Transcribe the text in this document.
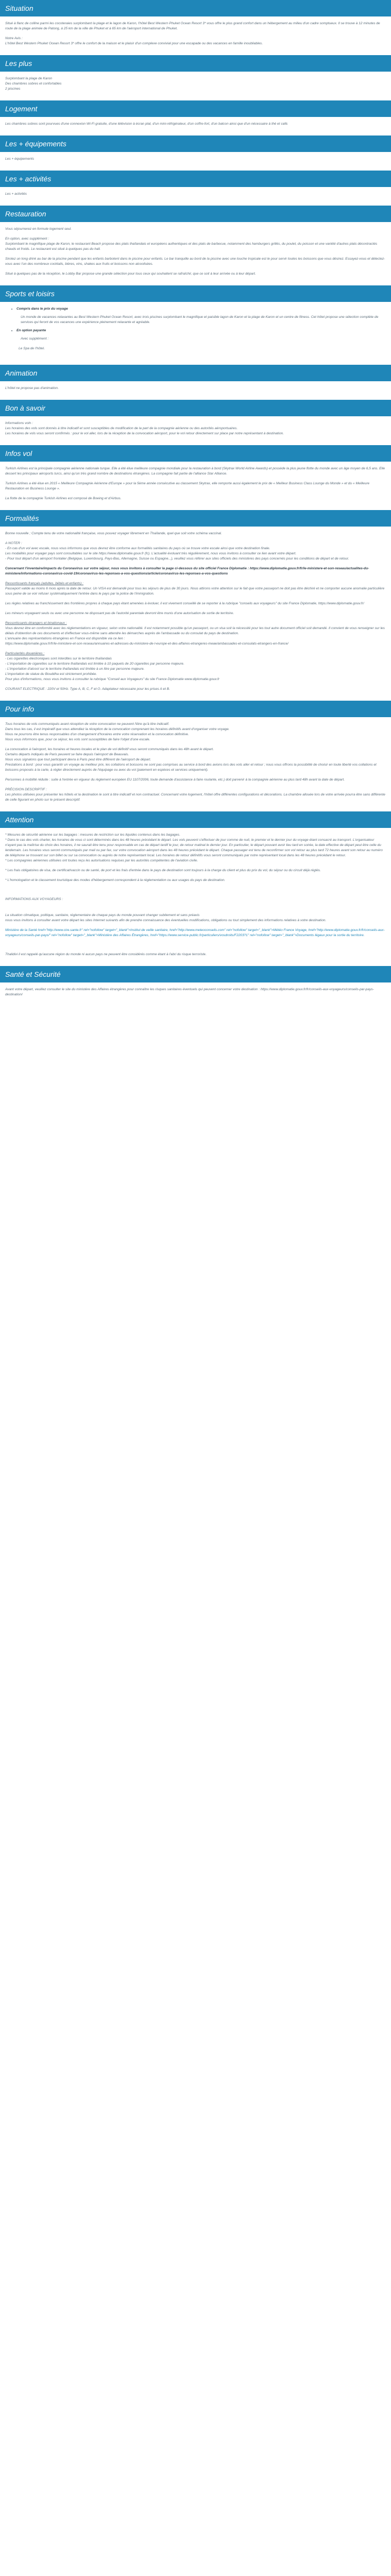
Situation

Situé à flanc de colline parmi les cocoteraies surplombant la plage et le lagon de Karon, l'hôtel Best Western Phuket Ocean Resort 3* vous offre le plus grand confort dans un hébergement au milieu d'un cadre somptueux. Il se trouve à 12 minutes de route de la plage animée de Patong, à 25 km de la ville de Phuket et à 65 km de l'aéroport international de Phuket.

Notre Avis :
L'hôtel Best Western Phuket Ocean Resort 3* offre le confort de la maison et le plaisir d'un complexe convivial pour une escapade ou des vacances en famille inoubliables.

Les plus

Surplombant la plage de Karon
Des chambres sobres et confortables
2 piscines

Logement

Les chambres sobres sont pourvues d'une connexion Wi-Fi gratuite, d'une télévision à écran plat, d'un mini-réfrigérateur, d'un coffre-fort, d'un balcon ainsi que d'un nécessaire à thé et café.

Les + équipements

Les + équipements

Les + activités

Les + activités

Restauration

Vous séjournerez en formule logement seul.

En option, avec supplément :
Surplombant le magnifique plage de Karon, le restaurant Beach propose des plats thaïlandais et européens authentiques et des plats de barbecue, notamment des hamburgers grillés, du poulet, du poisson et une variété d'autres plats décontractés chauds et froids. Le restaurant est situé à quelques pas du hall.

Sirotez un long drink au bar de la piscine pendant que les enfants barbotent dans le piscine pour enfants. Le bar tranquille au bord de la piscine avec une touche tropicale est le pour servir toutes les boissons que vous désirez. Essayez-vous et délectez-vous avec l'un des nombreux cocktails, bières, vins, shakes aux fruits et boissons non alcoolisées.

Situé à quelques pas de la réception, le Lobby Bar propose une grande sélection pour tous ceux qui souhaitent se rafraîchir, que ce soit à leur arrivée ou à leur départ.

Sports et loisirs
• Compris dans le prix du voyage
Un monde de vacances relaxantes au Best Western Phuket Ocean Resort, avec trois piscines surplombant le magnifique et paisible lagon de Karon et la plage de Karon et un centre de fitness. Cet hôtel propose une sélection complète de services qui feront de vos vacances une expérience pleinement relaxante et agréable.
• En option payante
Avec supplément :
Le Spa de l'hôtel.
Animation

L'hôtel ne propose pas d'animation.

Bon à savoir

Informations voln :
Les horaires des vols sont donnés à titre indicatif et sont susceptibles de modification de la part de la compagnie aérienne ou des autorités aéroportuaires.
Les horaires de vols vous seront confirmés : pour le vol aller, lors de la réception de la convocation aéroport, pour le vol retour directement sur place par notre représentant à destination.

Infos vol

Turkish Airlines est la principale compagnie aérienne nationale turque. Elle a été élue meilleure compagnie mondiale pour la restauration à bord (Skytrax World Airline Awards) et possède la plus jeune flotte du monde avec un âge moyen de 6,5 ans. Elle dessert les principaux aéroports turcs, ainsi qu'un très grand nombre de destinations étrangères. La compagnie fait partie de l'alliance Star Alliance.

Turkish Airlines a été élue en 2015 « Meilleure Compagnie Aérienne d'Europe » pour la 5ème année consécutive au classement Skytrax, elle remporte aussi également le prix de « Meilleur Business Class Lounge du Monde » et du « Meilleure Restauration en Business Lounge ».

La flotte de la compagnie Turkish Airlines est composé de Boeing et d'Airbus.

Formalités

Bonne nouvelle ; Compte tenu de votre nationalité française, vous pouvez voyager librement en Thaïlande, quel que soit votre schéma vaccinal.

A NOTER :
- En cas d'un vol avec escale, nous vous informons que vous devrez être conforme aux formalités sanitaires du pays où se trouve votre escale ainsi que votre destination finale.
Les modalités pour voyager pays sont consultables sur le site https://www.diplomatie.gouv.fr (fc). L'actualité évoluant très régulièrement, nous vous invitons à consulter ce lien avant votre départ.
- Pour tout départ d'un aéroport frontalier (Belgique, Luxembourg, Pays-Bas, Allemagne, Suisse ou Espagne...), veuillez vous référer aux sites officiels des ministères des pays concernés pour les conditions de départ et de retour.

Concernant l'inventaire/impacts du Coronavirus sur votre séjour, nous vous invitons à consulter la page ci-dessous du site officiel France Diplomatie : https://www.diplomatie.gouv.fr/fr/le-ministere-et-son-reseau/actualites-du-ministere/informations-coronavirus-covid-19/coronavirus-les-reponses-a-vos-questions/article/coronavirus-les-reponses-a-vos-questions

Ressortissants français (adultes, bébés et enfants) :
Passeport valide au moins 6 mois après la date de retour. Un VISA est demandé pour tous les séjours de plus de 30 jours. Nous attirons votre attention sur le fait que votre passeport ne doit pas être déchiré et ne comporter aucune anomalie particulière sous peine de se voir refuser systématiquement l'entrée dans le pays par la police de l'immigration.

Les règles relatives au franchissement des frontières propres à chaque pays étant amenées à évoluer, il est vivement conseillé de se reporter à la rubrique "conseils aux voyageurs" du site France Diplomatie, https://www.diplomatie.gouv.fr/

Les mineurs voyageant seuls ou avec une personne ne disposant pas de l'autorité parentale devront être munis d'une autorisation de sortie de territoire.

Ressortissants étrangers et binationaux :
Vous devrez être en conformité avec les réglementations en vigueur, selon votre nationalité. Il est notamment possible qu'un passeport, ou un visa soit la nécessité pour les tout autre document officiel soit demandé. Il convient de vous renseigner sur les délais d'obtention de ces documents et d'effectuer vous-même sans attendre les démarches auprès de l'ambassade ou du consulat du pays de destination.
L'annuaire des représentations étrangères en France est disponible via ce lien :
https://www.diplomatie.gouv.fr/fr/le-ministere-et-son-reseau/annuaires-et-adresses-du-ministere-de-l-europe-et-des-affaires-etrangeres-meae/ambassades-et-consulats-etrangers-en-france/

Particularités douanières :
- Les cigarettes électroniques sont interdites sur le territoire thaïlandais
- L'importation de cigarettes sur le territoire thaïlandais est limitée à 10 paquets de 20 cigarettes par personne majeure.
- L'importation d'alcool sur le territoire thaïlandais est limitée à un litre par personne majeure.
L'importation de statue du Bouddha est strictement prohibée.
Pour plus d'informations, nous vous invitons à consulter la rubrique "Conseil aux Voyageurs" du site France Diplomatie www.diplomatie.gouv.fr

COURANT ELECTRIQUE : 220V et 50Hz. Type A, B, C, F et O. Adaptateur nécessaire pour les prises A et B.

Pour info

Tous horaires de vols communiqués avant réception de votre convocation ne peuvent l'être qu'à titre indicatif.
Dans tous les cas, il est impératif que vous attendiez la réception de la convocation comprenant les horaires définitifs avant d'organiser votre voyage.
Nous ne pourrons être tenus responsables d'un changement d'horaires entre votre réservation et la convocation définitive.
Nous vous informons que, pour ce séjour, les vols sont susceptibles de faire l'objet d'une escale.

La convocation à l'aéroport, les horaires et heures locales et le plan de vol définitif vous seront communiqués dans les 48h avant le départ.
Certains départs indiqués de Paris peuvent se faire depuis l'aéroport de Beauvais.
Nous vous signalons que tout participant devra à Paris peut être différent de l'aéroport de départ.
Prestations à bord : pour vous garantir un voyage au meilleur prix, les collations et boissons ne sont pas comprises au service à bord des avions lors des vols aller et retour ; nous vous offrons la possibilité de choisir en toute liberté vos collations et boissons proposés à la carte, à régler directement auprès de l'équipage ou avec du vol (paiement en espèces et services uniquement).

Personnes à mobilité réduite : suite à l'entrée en vigueur du règlement européen EU 1107/2006, toute demande d'assistance à faire roulante, etc.) doit parvenir à la compagnie aérienne au plus tard 48h avant la date de départ.

PRÉCISION DESCRIPTIF :
Les photos utilisées pour présenter les hôtels et la destination le sont à titre indicatif et non contractuel. Concernant votre logement, l'hôtel offre différentes configurations et décorations. La chambre allouée lors de votre arrivée pourra être sans différente de celle figurant en photo sur le présent descriptif.

Attention

* Mesures de sécurité aérienne sur les bagages : mesures de restriction sur les liquides contenus dans les bagages.
* Dans le cas des vols charter, les horaires de vous ci sont déterminés dans les 48 heures précédant le départ. Les vols peuvent s'effectuer de jour comme de nuit, le premier et le dernier jour du voyage étant consacré au transport. L'organisateur n'ayant pas la maîtrise du choix des horaires, il ne saurait être tenu pour responsable en cas de départ tardif le jour, de retour matinal le dernier jour. En particulier, le départ pouvant avoir lieu tard en soirée, la date effective de départ peut être celle du lendemain. Les horaires vous seront communiqués par mail ou par fax, sur votre convocation aéroport dans les 48 heures précédant le départ. Chaque passager est tenu de reconfirmer son vol retour au plus tard 72 heures avant son retour au numéro de téléphone se trouvant sur son billet ou sur sa convocation ou auprès de notre représentant local. Les horaires de retour définitifs vous seront communiqués par notre représentant local dans les 48 heures précédant le retour.
* Les compagnies aériennes utilisées ont toutes reçu les autorisations requises par les autorités compétentes de l'aviation civile.

* Les frais obligatoires de visa, de certificat/vaccin ou de santé, de port et les frais d'entrée dans le pays de destination sont toujours à la charge du client et plus du prix du vol, du séjour ou du circuit déjà réglés.

* L'homologation et le classement touristique des modes d'hébergement correspondent à la réglementation ou aux usages du pays de destination.

INFORMATIONS AUX VOYAGEURS :

La situation climatique, politique, sanitaire, réglementaire de chaque pays du monde pouvant changer subitement et sans préavis
nous vous invitons à consulter avant votre départ les sites Internet suivants afin de prendre connaissance des éventuelles modifications, obligations ou tout simplement des informations relatives à votre destination.

Ministère de la Santé href="http://www.cire.sante.fr" rel="nofollow" target="_blank">Institut de veille sanitaire, href="http://www.meteoconseils.com" rel="nofollow" target="_blank">Météo France Voyage, href="http://www.diplomatie.gouv.fr/fr/conseils-aux-voyageurs/conseils-par-pays/" rel="nofollow" target="_blank">Ministère des Affaires Étrangères, href="https://www.service-public.fr/particuliers/vosdroits/F2203?1" rel="nofollow" target="_blank">Documents légaux pour la sortie du territoire.

Thalidivi il est rappelé qu'aucune région du monde ni aucun pays ne peuvent être considérés comme étant à l'abri du risque terroriste.

Santé et Sécurité

Avant votre départ, veuillez consulter le site du ministère des Affaires étrangères pour connaître les risques sanitaires éventuels qui peuvent concerner votre destination : https://www.diplomatie.gouv.fr/fr/conseils-aux-voyageurs/conseils-par-pays-destination/
